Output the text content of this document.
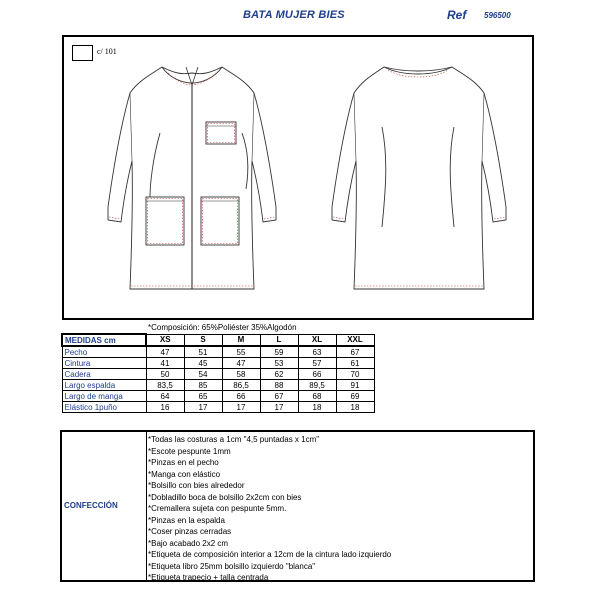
BATA MUJER BIES	Ref 596500
c/ 101
*Composición: 65%Poliéster 35%Algodón
MEDIDAS cm	XS	S	M	L	XL	XXL
Pecho	47	51	55	59	63	67
Cintura	41	45	47	53	57	61
Cadera	50	54	58	62	66	70
Largo espalda	83,5	85	86,5	88	89,5	91
Largo de manga	64	65	66	67	68	69
Elástico 1puño	16	17	17	17	18	18
CONFECCIÓN
*Todas las costuras a 1cm "4,5 puntadas x 1cm"
*Escote pespunte 1mm
*Pinzas en el pecho
*Manga con elástico
*Bolsillo con bies alrededor
*Dobladillo boca de bolsillo 2x2cm con bies
*Cremallera sujeta con pespunte 5mm.
*Pinzas en la espalda
*Coser pinzas cerradas
*Bajo acabado 2x2 cm
*Etiqueta de composición interior a 12cm de la cintura lado izquierdo
*Etiqueta libro 25mm bolsillo izquierdo "blanca"
*Etiqueta trapecio + talla centrada
